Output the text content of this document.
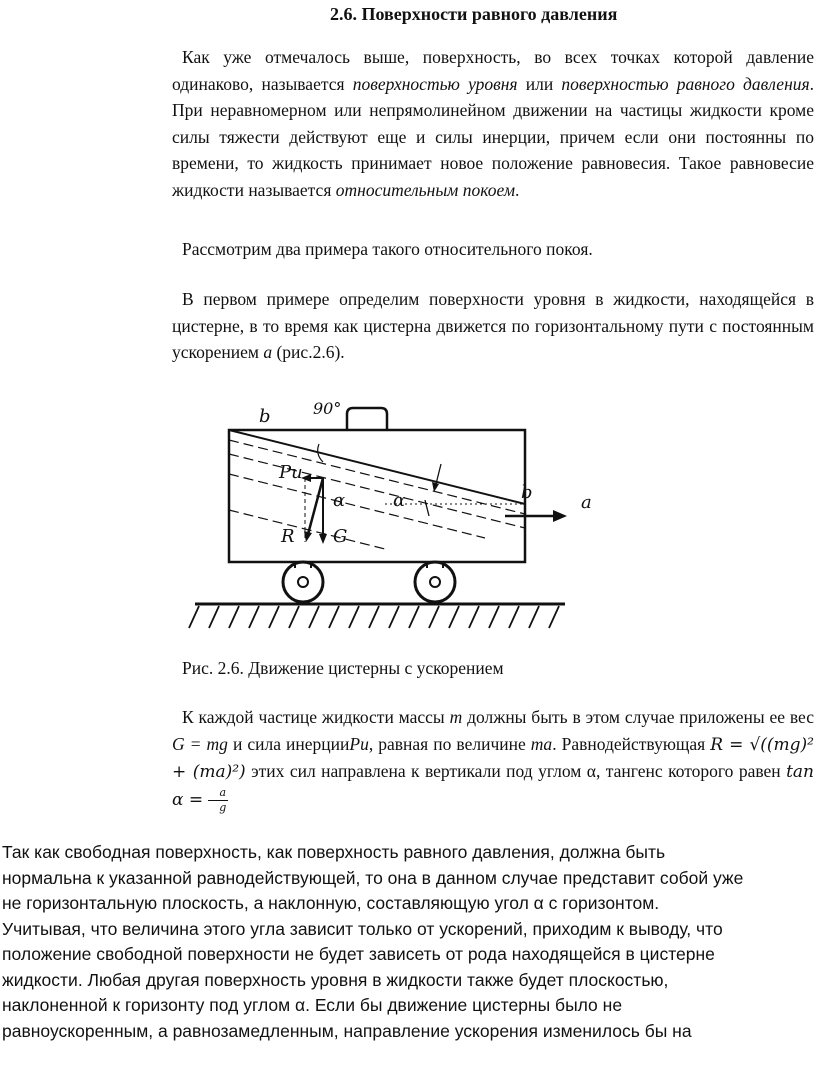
2.6. Поверхности равного давления
Как уже отмечалось выше, поверхность, во всех точках которой давление одинаково, называется поверхностью уровня или поверхностью равного давления. При неравномерном или непрямолинейном движении на частицы жидкости кроме силы тяжести действуют еще и силы инерции, причем если они постоянны по времени, то жидкость принимает новое положение равновесия. Такое равновесие жидкости называется относительным покоем.
Рассмотрим два примера такого относительного покоя.
В первом примере определим поверхности уровня в жидкости, находящейся в цистерне, в то время как цистерна движется по горизонтальному пути с постоянным ускорением a (рис.2.6).
b	90°
Pu
α	α
R G
b	a
Рис. 2.6. Движение цистерны с ускорением
К каждой частице жидкости массы m должны быть в этом случае приложены ее вес G = mg и сила инерцииPu, равная по величине ma. Равнодействующая R = √((mg)² + (ma)²) этих сил направлена к вертикали под углом α, тангенс которого равен $\tan \alpha = \frac{a}{g}$
Так как свободная поверхность, как поверхность равного давления, должна быть
нормальна к указанной равнодействующей, то она в данном случае представит собой уже
не горизонтальную плоскость, а наклонную, составляющую угол α с горизонтом.
Учитывая, что величина этого угла зависит только от ускорений, приходим к выводу, что
положение свободной поверхности не будет зависеть от рода находящейся в цистерне
жидкости. Любая другая поверхность уровня в жидкости также будет плоскостью,
наклоненной к горизонту под углом α. Если бы движение цистерны было не
равноускоренным, а равнозамедленным, направление ускорения изменилось бы на
